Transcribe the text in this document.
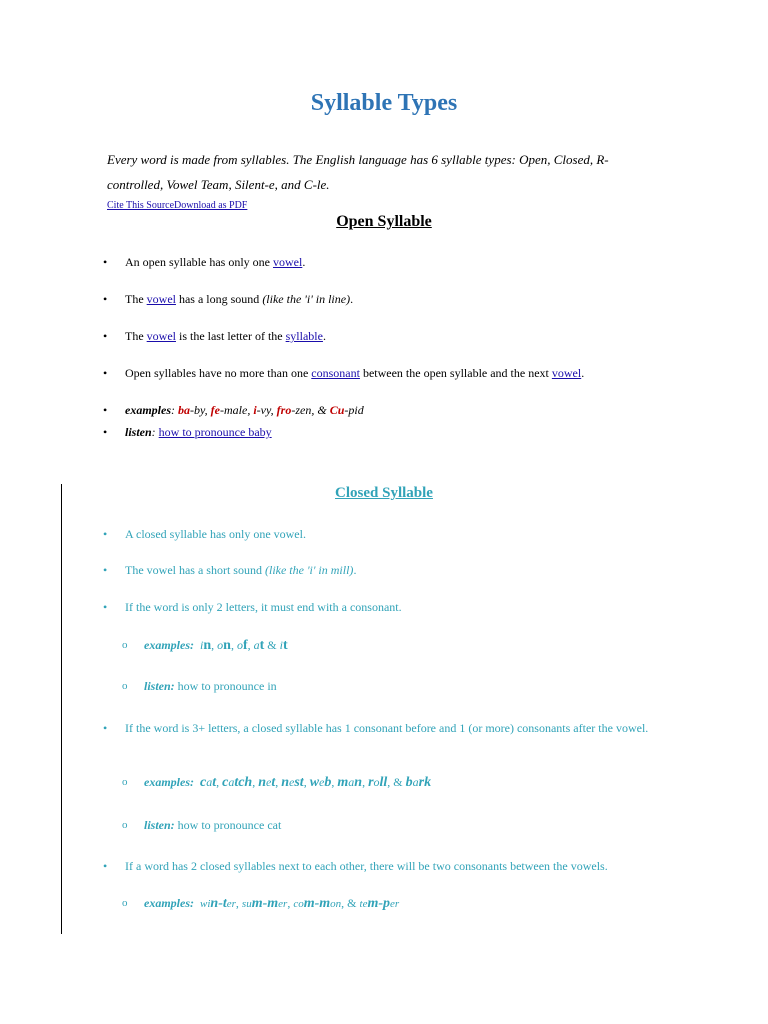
Syllable Types

Every word is made from syllables. The English language has 6 syllable types: Open, Closed, R-controlled, Vowel Team, Silent-e, and C-le.

Cite This SourceDownload as PDF
Open Syllable
• An open syllable has only one vowel.
• The vowel has a long sound (like the 'i' in line).
• The vowel is the last letter of the syllable.
• Open syllables have no more than one consonant between the open syllable and the next vowel.
• examples: ba-by, fe-male, i-vy, fro-zen, & Cu-pid
• listen: how to pronounce baby
Closed Syllable
• A closed syllable has only one vowel.
• The vowel has a short sound (like the 'i' in mill).
• If the word is only 2 letters, it must end with a consonant.
o examples: in, on, of, at & it
o listen: how to pronounce in
• If the word is 3+ letters, a closed syllable has 1 consonant before and 1 (or more) consonants after the vowel.
o examples: cat, catch, net, nest, web, man, roll, & bark
o listen: how to pronounce cat
• If a word has 2 closed syllables next to each other, there will be two consonants between the vowels.
o examples: win-ter, sum-mer, com-mon, & tem-per
